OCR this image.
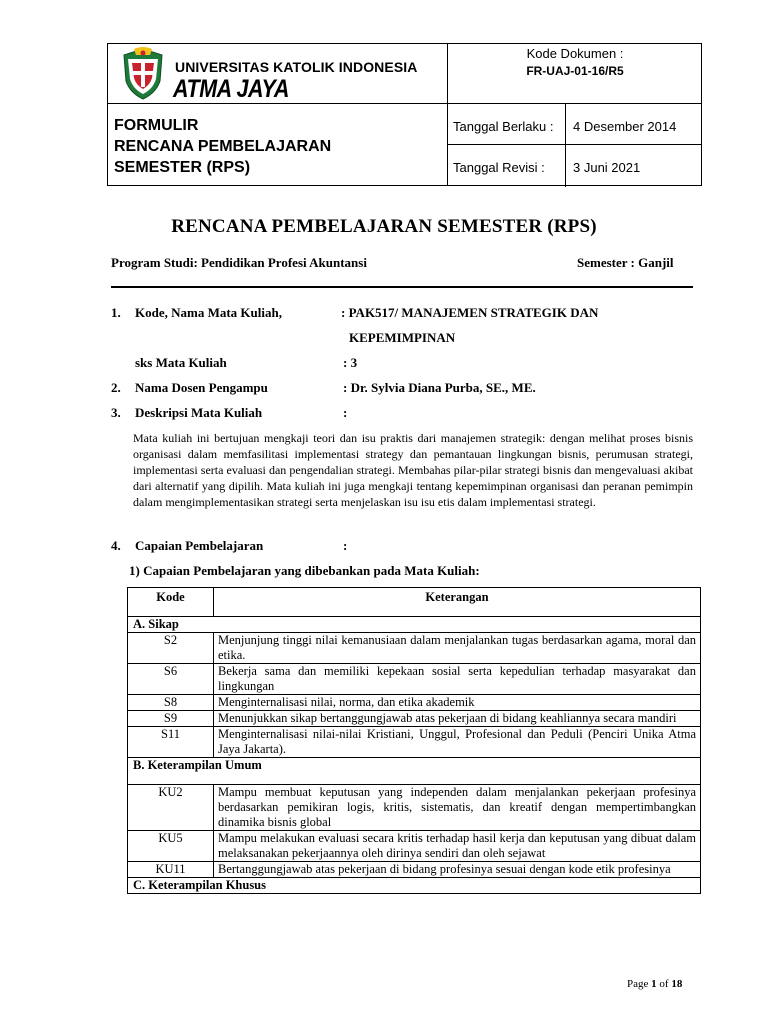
UNIVERSITAS KATOLIK INDONESIA
ATMA JAYA
Kode Dokumen :
FR-UAJ-01-16/R5
FORMULIR
RENCANA PEMBELAJARAN
SEMESTER (RPS)
Tanggal Berlaku : 4 Desember 2014
Tanggal Revisi : 3 Juni 2021
RENCANA PEMBELAJARAN SEMESTER (RPS)
Program Studi: Pendidikan Profesi Akuntansi	Semester : Ganjil
1. Kode, Nama Mata Kuliah,	: PAK517/ MANAJEMEN STRATEGIK DAN
KEPEMIMPINAN
sks Mata Kuliah	: 3
2. Nama Dosen Pengampu	: Dr. Sylvia Diana Purba, SE., ME.
3. Deskripsi Mata Kuliah	:
Mata kuliah ini bertujuan mengkaji teori dan isu praktis dari manajemen strategik: dengan melihat proses bisnis organisasi dalam memfasilitasi implementasi strategy dan pemantauan lingkungan bisnis, perumusan strategi, implementasi serta evaluasi dan pengendalian strategi. Membahas pilar-pilar strategi bisnis dan mengevaluasi akibat dari alternatif yang dipilih. Mata kuliah ini juga mengkaji tentang kepemimpinan organisasi dan peranan pemimpin dalam mengimplementasikan strategi serta menjelaskan isu isu etis dalam implementasi strategi.
4. Capaian Pembelajaran	:
1) Capaian Pembelajaran yang dibebankan pada Mata Kuliah:
Kode	Keterangan
A. Sikap	
S2	Menjunjung tinggi nilai kemanusiaan dalam menjalankan tugas berdasarkan agama, moral dan etika.
S6	Bekerja sama dan memiliki kepekaan sosial serta kepedulian terhadap masyarakat dan lingkungan
S8	Menginternalisasi nilai, norma, dan etika akademik
S9	Menunjukkan sikap bertanggungjawab atas pekerjaan di bidang keahliannya secara mandiri
S11	Menginternalisasi nilai-nilai Kristiani, Unggul, Profesional dan Peduli (Penciri Unika Atma Jaya Jakarta).
B. Keterampilan Umum	
KU2	Mampu membuat keputusan yang independen dalam menjalankan pekerjaan profesinya berdasarkan pemikiran logis, kritis, sistematis, dan kreatif dengan mempertimbangkan dinamika bisnis global
KU5	Mampu melakukan evaluasi secara kritis terhadap hasil kerja dan keputusan yang dibuat dalam melaksanakan pekerjaannya oleh dirinya sendiri dan oleh sejawat
KU11	Bertanggungjawab atas pekerjaan di bidang profesinya sesuai dengan kode etik profesinya
C. Keterampilan Khusus	
Page 1 of 18
